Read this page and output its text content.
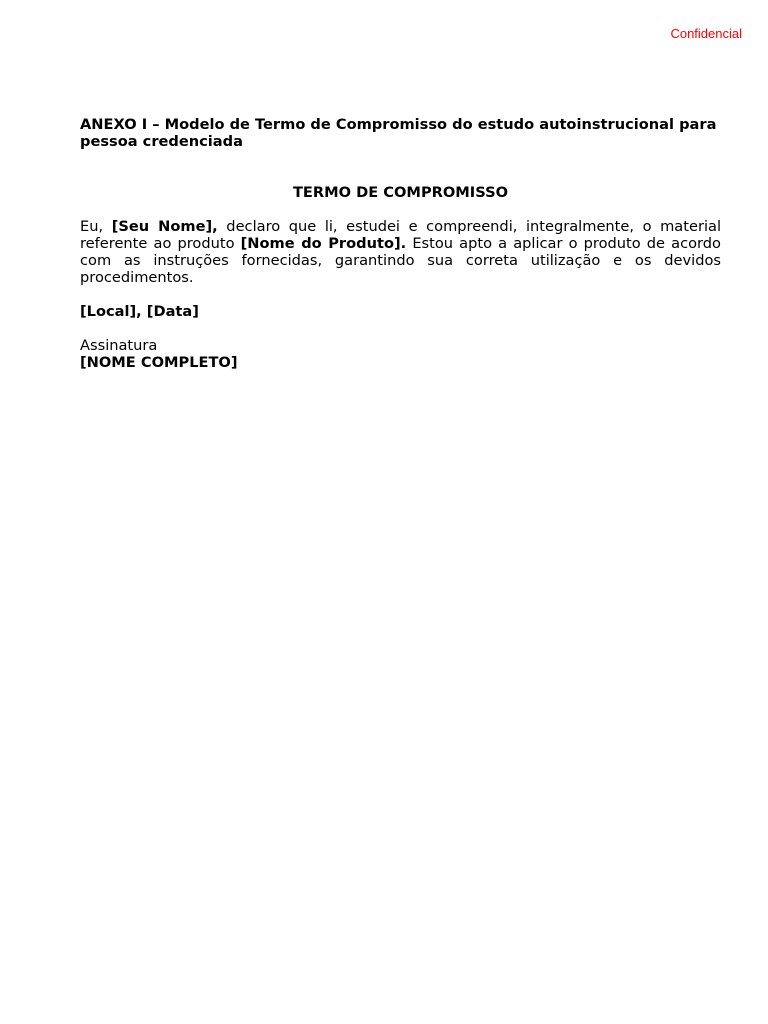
Confidencial

ANEXO I – Modelo de Termo de Compromisso do estudo autoinstrucional para pessoa credenciada

TERMO DE COMPROMISSO

Eu, [Seu Nome], declaro que li, estudei e compreendi, integralmente, o material referente ao produto [Nome do Produto]. Estou apto a aplicar o produto de acordo com as instruções fornecidas, garantindo sua correta utilização e os devidos procedimentos.

[Local], [Data]

Assinatura

[NOME COMPLETO]
